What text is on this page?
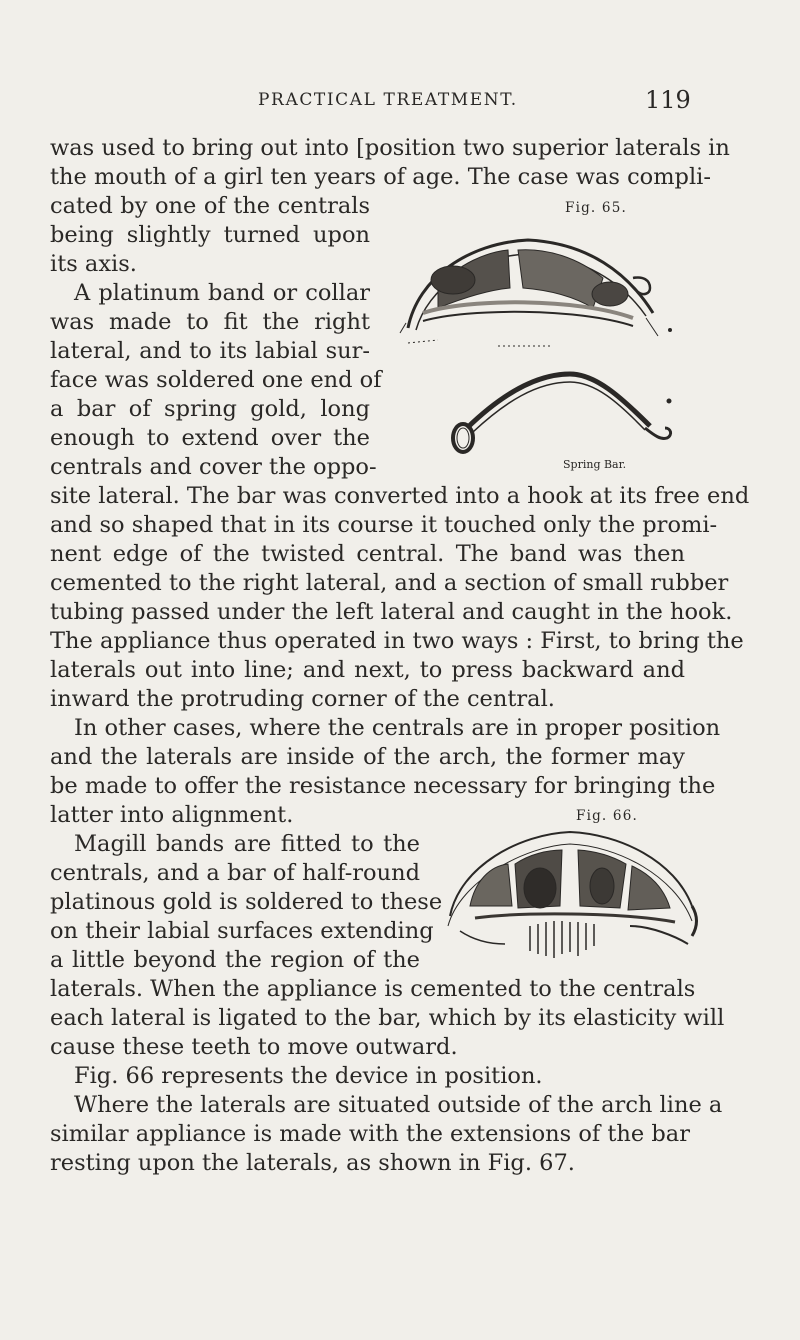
PRACTICAL TREATMENT.	119
was used to bring out into [position two superior laterals in
the mouth of a girl ten years of age. The case was compli-
cated by one of the centrals
being slightly turned upon
its axis.
A platinum band or collar
was made to fit the right
lateral, and to its labial sur-
face was soldered one end of
a bar of spring gold, long
enough to extend over the
centrals and cover the oppo-
site lateral. The bar was converted into a hook at its free end
and so shaped that in its course it touched only the promi-
nent edge of the twisted central. The band was then
cemented to the right lateral, and a section of small rubber
tubing passed under the left lateral and caught in the hook.
The appliance thus operated in two ways : First, to bring the
laterals out into line; and next, to press backward and
inward the protruding corner of the central.
In other cases, where the centrals are in proper position
and the laterals are inside of the arch, the former may
be made to offer the resistance necessary for bringing the
latter into alignment.
Magill bands are fitted to the
centrals, and a bar of half-round
platinous gold is soldered to these
on their labial surfaces extending
a little beyond the region of the
laterals. When the appliance is cemented to the centrals
each lateral is ligated to the bar, which by its elasticity will
cause these teeth to move outward.
Fig. 66 represents the device in position.
Where the laterals are situated outside of the arch line a
similar appliance is made with the extensions of the bar
resting upon the laterals, as shown in Fig. 67.
Fig. 65.
Spring Bar.
Fig. 66.
